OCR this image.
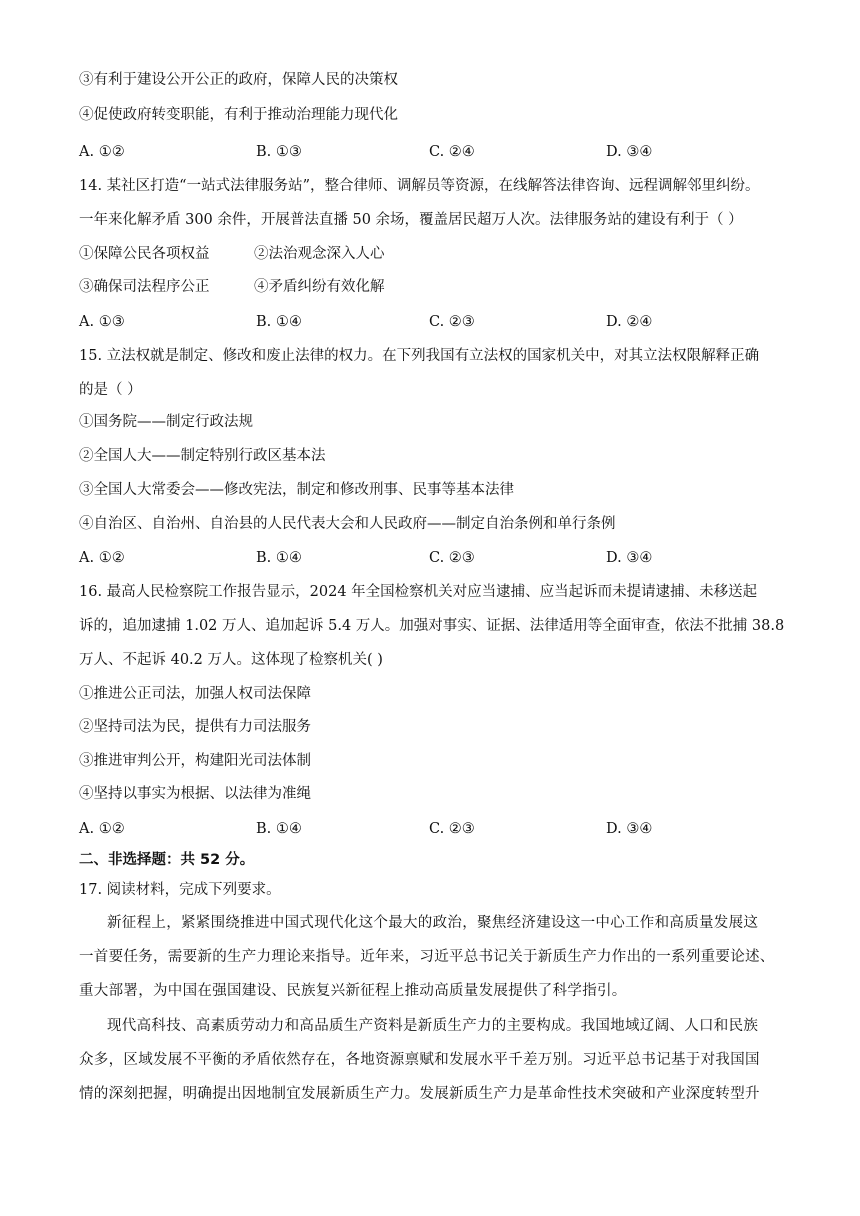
③有利于建设公开公正的政府，保障人民的决策权
④促使政府转变职能，有利于推动治理能力现代化
A. ①②	B. ①③	C. ②④	D. ③④
14. 某社区打造“一站式法律服务站”，整合律师、调解员等资源，在线解答法律咨询、远程调解邻里纠纷。
一年来化解矛盾 300 余件，开展普法直播 50 余场，覆盖居民超万人次。法律服务站的建设有利于（ ）
①保障公民各项权益	②法治观念深入人心
③确保司法程序公正	④矛盾纠纷有效化解
A. ①③	B. ①④	C. ②③	D. ②④
15. 立法权就是制定、修改和废止法律的权力。在下列我国有立法权的国家机关中，对其立法权限解释正确
的是（ ）
①国务院——制定行政法规
②全国人大——制定特别行政区基本法
③全国人大常委会——修改宪法，制定和修改刑事、民事等基本法律
④自治区、自治州、自治县的人民代表大会和人民政府——制定自治条例和单行条例
A. ①②	B. ①④	C. ②③	D. ③④
16. 最高人民检察院工作报告显示，2024 年全国检察机关对应当逮捕、应当起诉而未提请逮捕、未移送起
诉的，追加逮捕 1.02 万人、追加起诉 5.4 万人。加强对事实、证据、法律适用等全面审查，依法不批捕 38.8
万人、不起诉 40.2 万人。这体现了检察机关( )
①推进公正司法，加强人权司法保障
②坚持司法为民，提供有力司法服务
③推进审判公开，构建阳光司法体制
④坚持以事实为根据、以法律为准绳
A. ①②	B. ①④	C. ②③	D. ③④
二、非选择题：共 52 分。
17. 阅读材料，完成下列要求。
新征程上，紧紧围绕推进中国式现代化这个最大的政治，聚焦经济建设这一中心工作和高质量发展这
一首要任务，需要新的生产力理论来指导。近年来，习近平总书记关于新质生产力作出的一系列重要论述、
重大部署，为中国在强国建设、民族复兴新征程上推动高质量发展提供了科学指引。
现代高科技、高素质劳动力和高品质生产资料是新质生产力的主要构成。我国地域辽阔、人口和民族
众多，区域发展不平衡的矛盾依然存在，各地资源禀赋和发展水平千差万别。习近平总书记基于对我国国
情的深刻把握，明确提出因地制宜发展新质生产力。发展新质生产力是革命性技术突破和产业深度转型升
